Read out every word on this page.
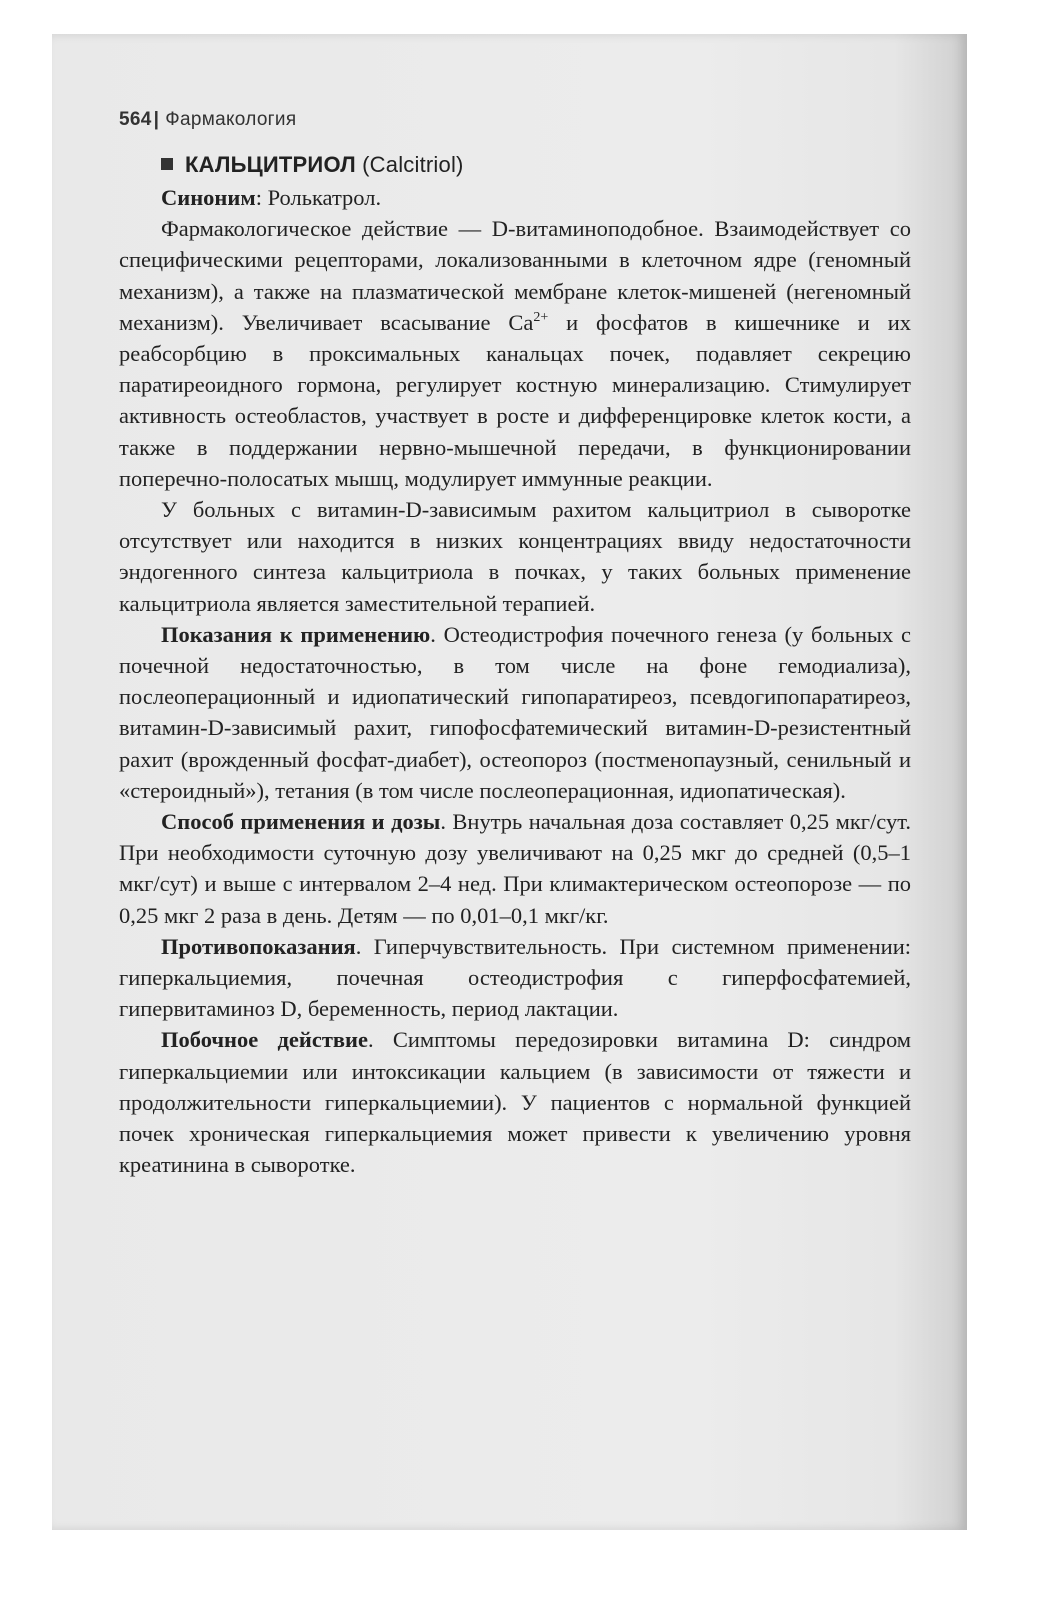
564 | Фармакология
КАЛЬЦИТРИОЛ (Calcitriol)

Синоним: Ролькатрол.

Фармакологическое действие — D-витаминоподобное. Взаимодействует со специфическими рецепторами, локализованными в клеточном ядре (геномный механизм), а также на плазматической мембране клеток-мишеней (негеномный механизм). Увеличивает всасывание $Ca^{2+}$ и фосфатов в кишечнике и их реабсорбцию в проксимальных канальцах почек, подавляет секрецию паратиреоидного гормона, регулирует костную минерализацию. Стимулирует активность остеобластов, участвует в росте и дифференцировке клеток кости, а также в поддержании нервно-мышечной передачи, в функционировании поперечно-полосатых мышц, модулирует иммунные реакции.

У больных с витамин-D-зависимым рахитом кальцитриол в сыворотке отсутствует или находится в низких концентрациях ввиду недостаточности эндогенного синтеза кальцитриола в почках, у таких больных применение кальцитриола является заместительной терапией.

Показания к применению. Остеодистрофия почечного генеза (у больных с почечной недостаточностью, в том числе на фоне гемодиализа), послеоперационный и идиопатический гипопаратиреоз, псевдогипопаратиреоз, витамин-D-зависимый рахит, гипофосфатемический витамин-D-резистентный рахит (врожденный фосфат-диабет), остеопороз (постменопаузный, сенильный и «стероидный»), тетания (в том числе послеоперационная, идиопатическая).

Способ применения и дозы. Внутрь начальная доза составляет 0,25 мкг/сут. При необходимости суточную дозу увеличивают на 0,25 мкг до средней (0,5–1 мкг/сут) и выше с интервалом 2–4 нед. При климактерическом остеопорозе — по 0,25 мкг 2 раза в день. Детям — по 0,01–0,1 мкг/кг.

Противопоказания. Гиперчувствительность. При системном применении: гиперкальциемия, почечная остеодистрофия с гиперфосфатемией, гипервитаминоз D, беременность, период лактации.

Побочное действие. Симптомы передозировки витамина D: синдром гиперкальциемии или интоксикации кальцием (в зависимости от тяжести и продолжительности гиперкальциемии). У пациентов с нормальной функцией почек хроническая гиперкальциемия может привести к увеличению уровня креатинина в сыворотке.
